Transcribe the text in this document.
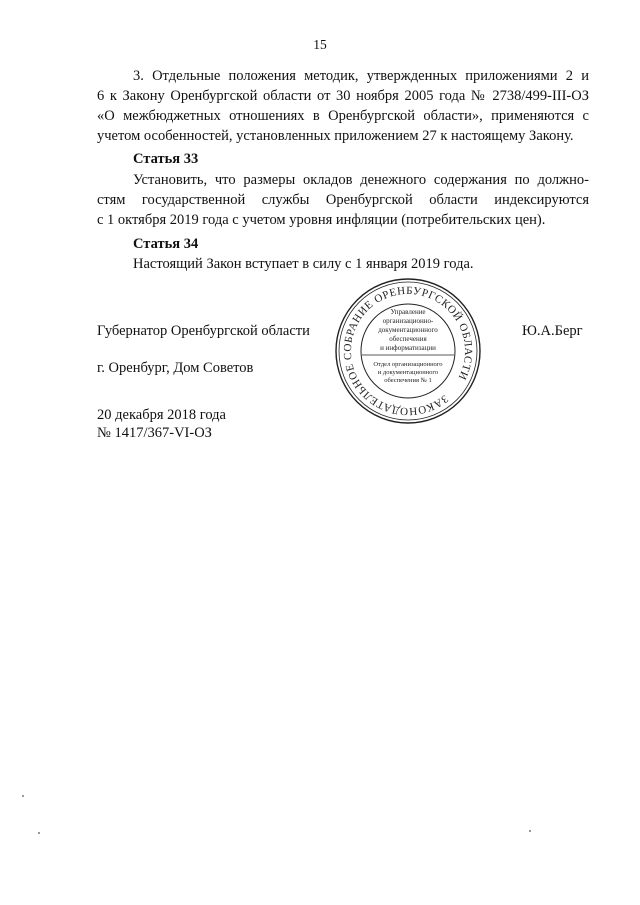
15
3. Отдельные положения методик, утвержденных приложениями 2 и
6 к Закону Оренбургской области от 30 ноября 2005 года № 2738/499-III-ОЗ
«О межбюджетных отношениях в Оренбургской области», применяются с
учетом особенностей, установленных приложением 27 к настоящему Закону.
Статья 33
Установить, что размеры окладов денежного содержания по должно-
стям государственной службы Оренбургской области индексируются
с 1 октября 2019 года с учетом уровня инфляции (потребительских цен).
Статья 34
Настоящий Закон вступает в силу с 1 января 2019 года.
Губернатор Оренбургской области	Ю.А.Берг
г. Оренбург, Дом Советов
20 декабря 2018 года
№ 1417/367-VI-ОЗ
ЗАКОНОДАТЕЛЬНОЕ СОБРАНИЕ ОРЕНБУРГСКОЙ ОБЛАСТИ
Управление
организационно-
документационного
обеспечения
и информатизации
Отдел организационного
и документационного
обеспечения № 1
